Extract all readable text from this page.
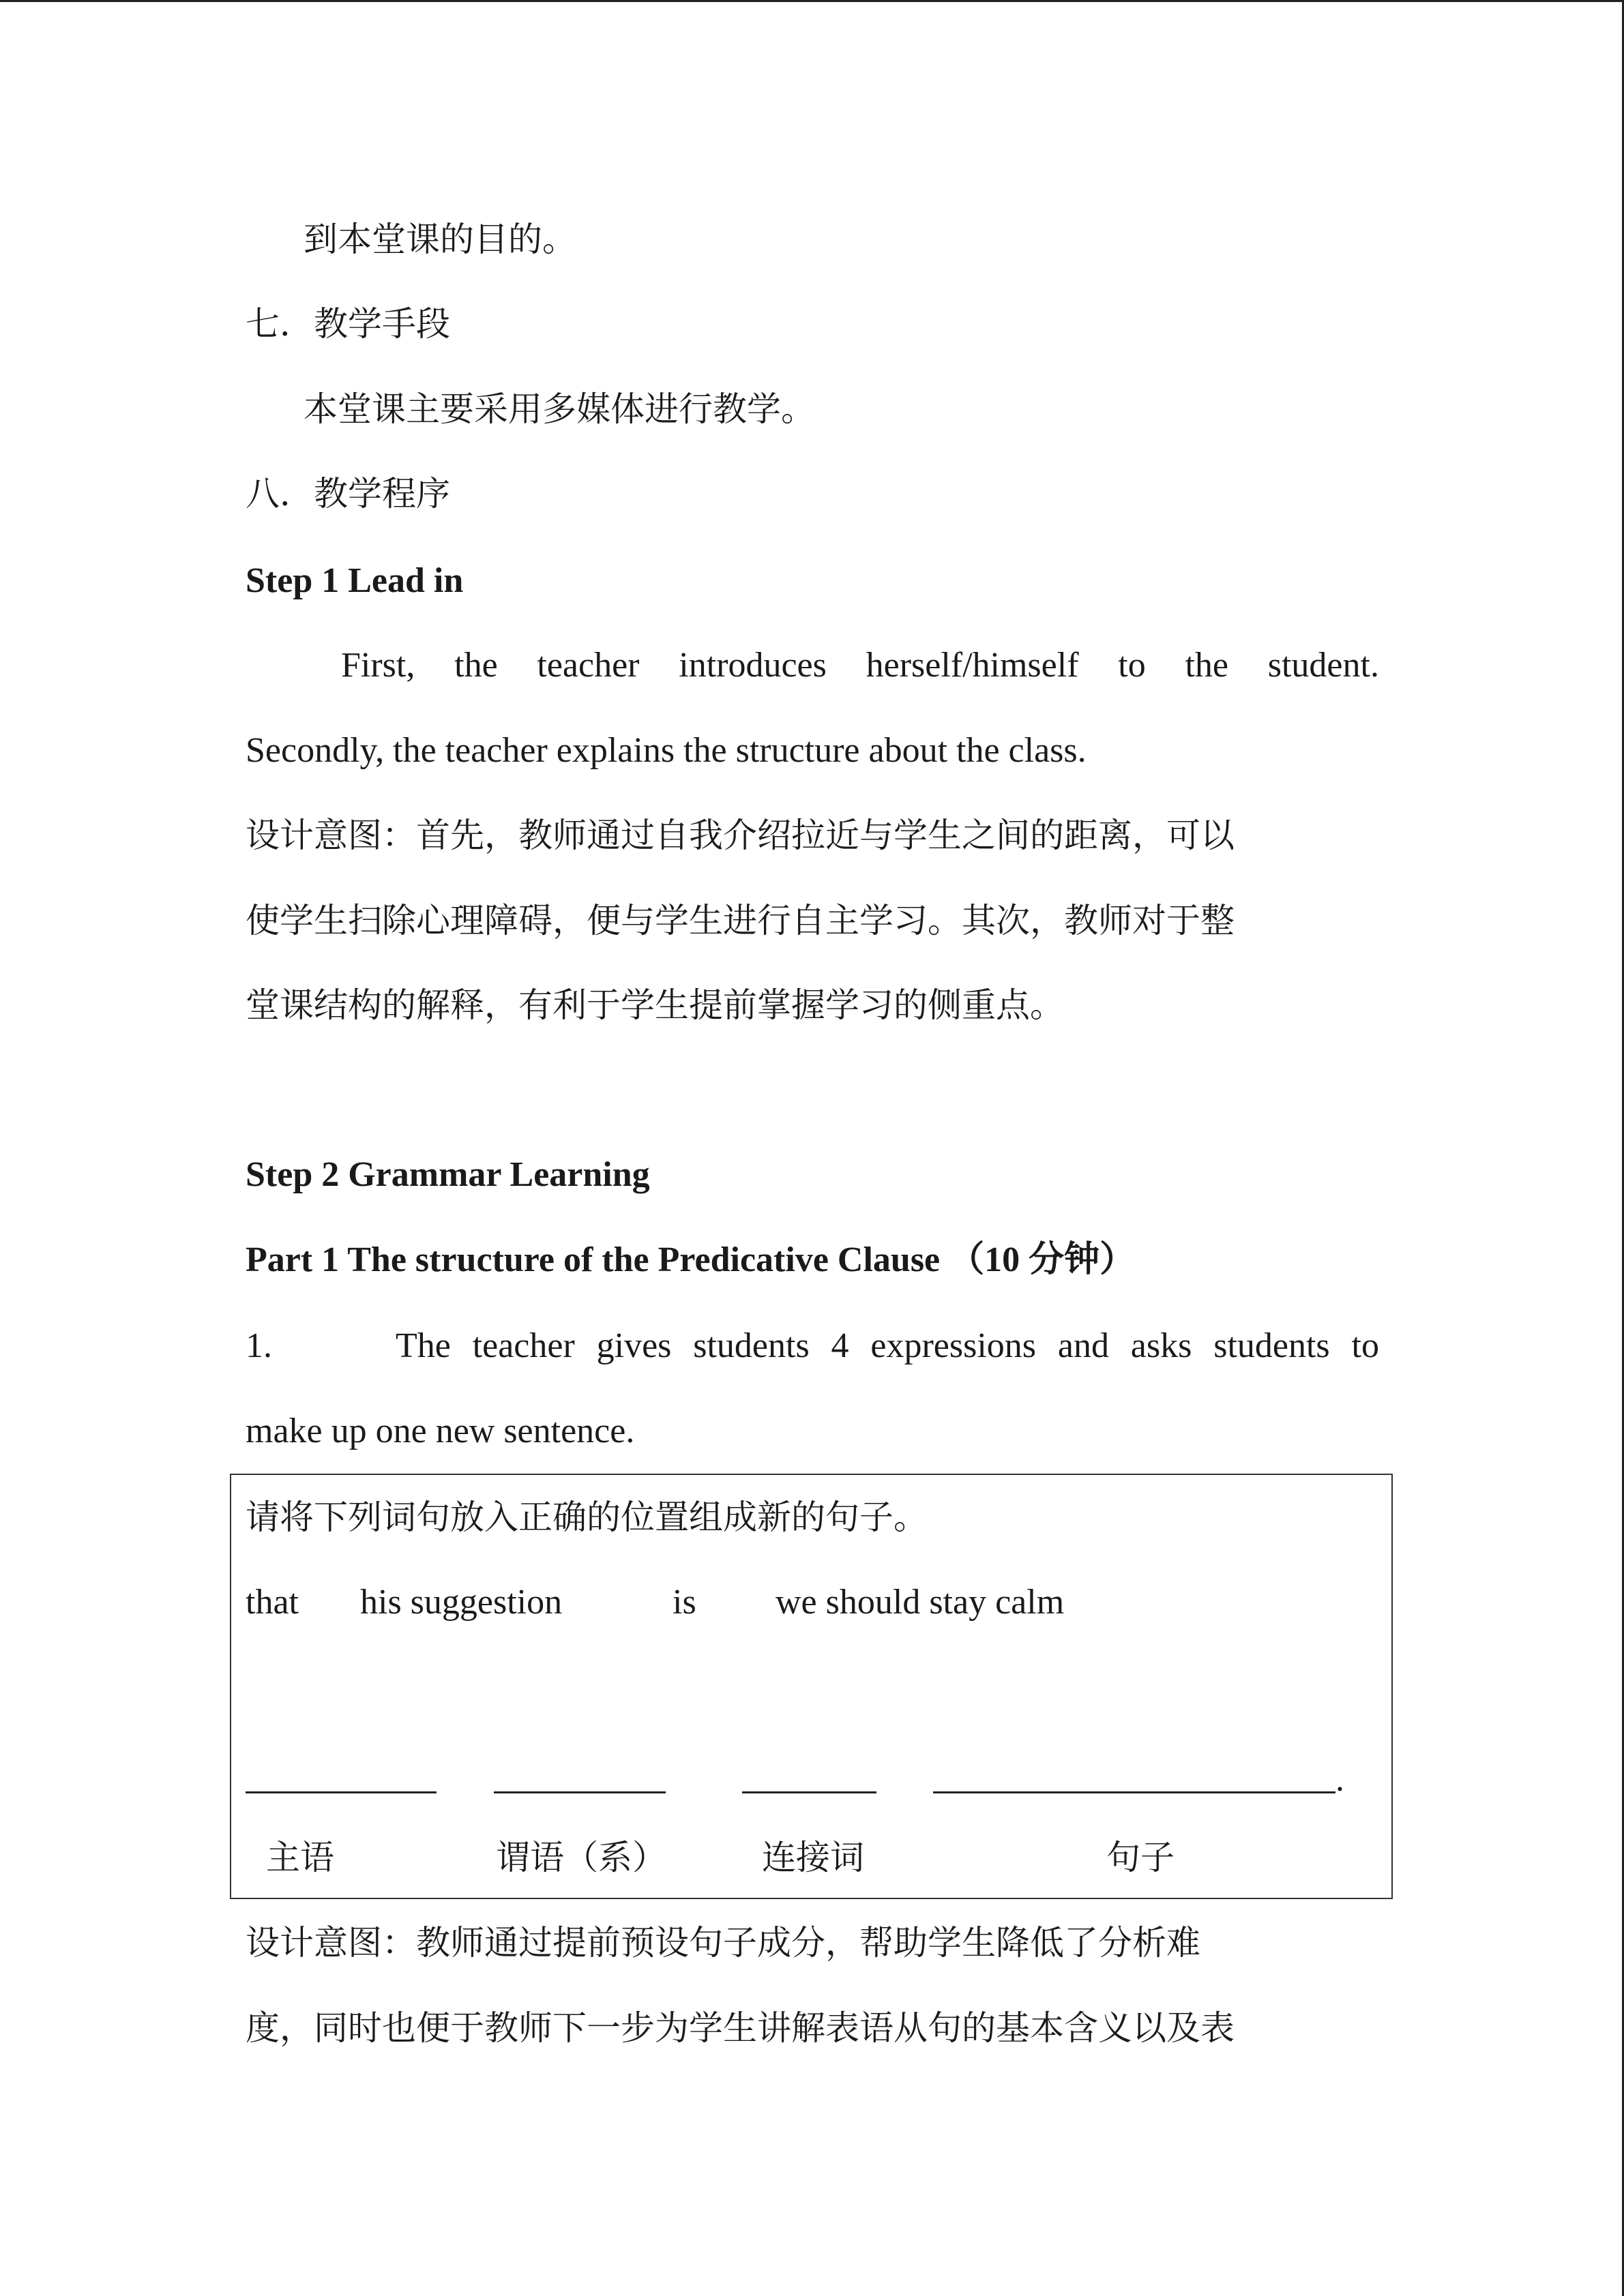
到本堂课的目的。
七．教学手段
本堂课主要采用多媒体进行教学。
八．教学程序
Step 1 Lead in
First, the teacher introduces herself/himself to the student.
Secondly, the teacher explains the structure about the class.
设计意图：首先，教师通过自我介绍拉近与学生之间的距离，可以
使学生扫除心理障碍，便与学生进行自主学习。其次，教师对于整
堂课结构的解释，有利于学生提前掌握学习的侧重点。
Step 2 Grammar Learning
Part 1 The structure of the Predicative Clause （10 分钟）
1.	The teacher gives students 4 expressions and asks students to
make up one new sentence.
请将下列词句放入正确的位置组成新的句子。
that his suggestion	is we should stay calm
.
主语	谓语（系）	连接词	句子
设计意图：教师通过提前预设句子成分，帮助学生降低了分析难
度，同时也便于教师下一步为学生讲解表语从句的基本含义以及表
